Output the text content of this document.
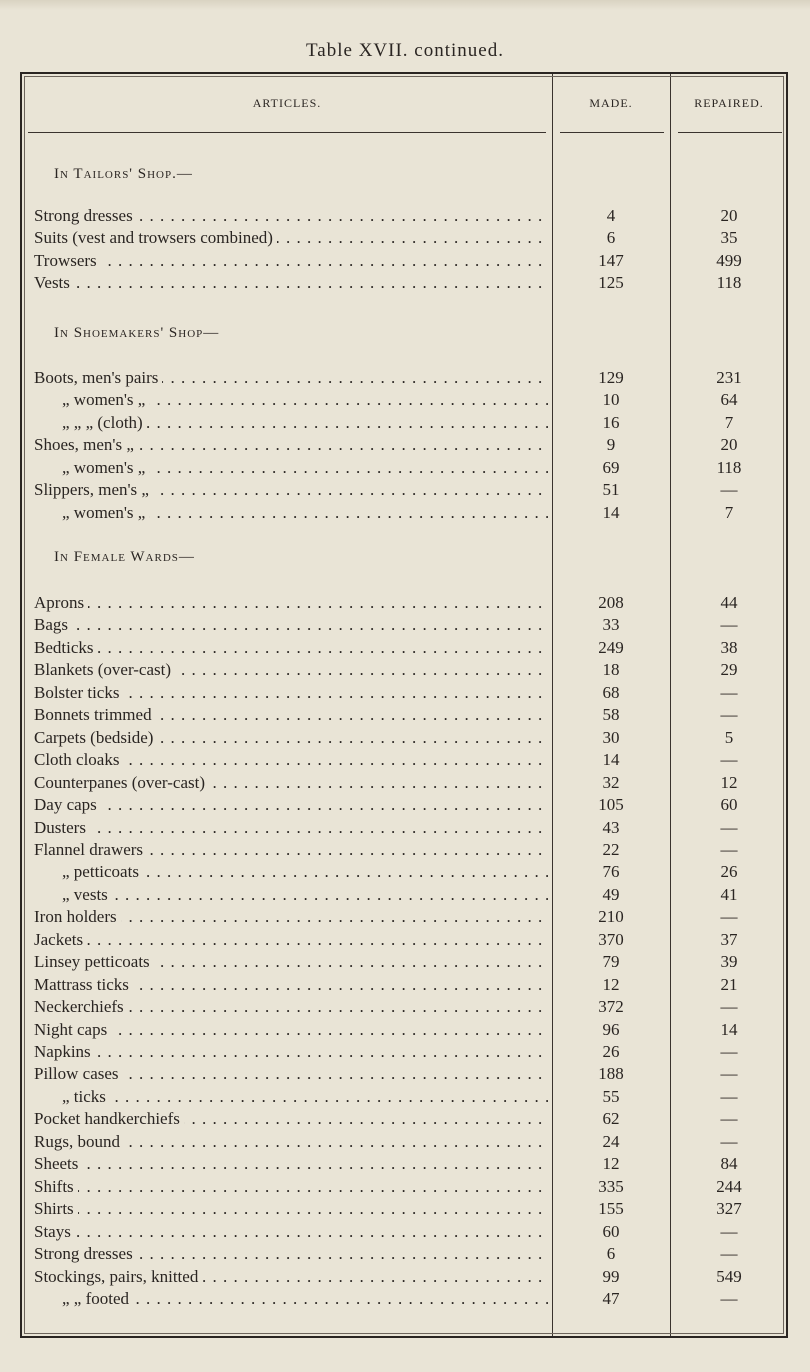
Table XVII. continued.
ARTICLES.	MADE.	REPAIRED.
In Tailors' Shop.—
Strong dresses . . .	4	20
Suits (vest and trowsers combined) . . .	6	35
Trowsers . . .	147	499
Vests . . .	125	118
In Shoemakers' Shop—
Boots, men's pairs . . .	129	231
„ women's „ . . .	10	64
„ „ „ (cloth) . . .	16	7
Shoes, men's „ . . .	9	20
„ women's „ . . .	69	118
Slippers, men's „ . . .	51	—
„ women's „ . . .	14	7
In Female Wards—
Aprons . . .	208	44
Bags . . .	33	—
Bedticks . . .	249	38
Blankets (over-cast) . . .	18	29
Bolster ticks . . .	68	—
Bonnets trimmed . . .	58	—
Carpets (bedside) . . .	30	5
Cloth cloaks . . .	14	—
Counterpanes (over-cast) . . .	32	12
Day caps . . .	105	60
Dusters . . .	43	—
Flannel drawers . . .	22	—
„ petticoats . . .	76	26
„ vests . . .	49	41
Iron holders . . .	210	—
Jackets . . .	370	37
Linsey petticoats . . .	79	39
Mattrass ticks . . .	12	21
Neckerchiefs . . .	372	—
Night caps . . .	96	14
Napkins . . .	26	—
Pillow cases . . .	188	—
„ ticks . . .	55	—
Pocket handkerchiefs . . .	62	—
Rugs, bound . . .	24	—
Sheets . . .	12	84
Shifts . . .	335	244
Shirts . . .	155	327
Stays . . .	60	—
Strong dresses . . .	6	—
Stockings, pairs, knitted . . .	99	549
„ „ footed . . .	47	—
